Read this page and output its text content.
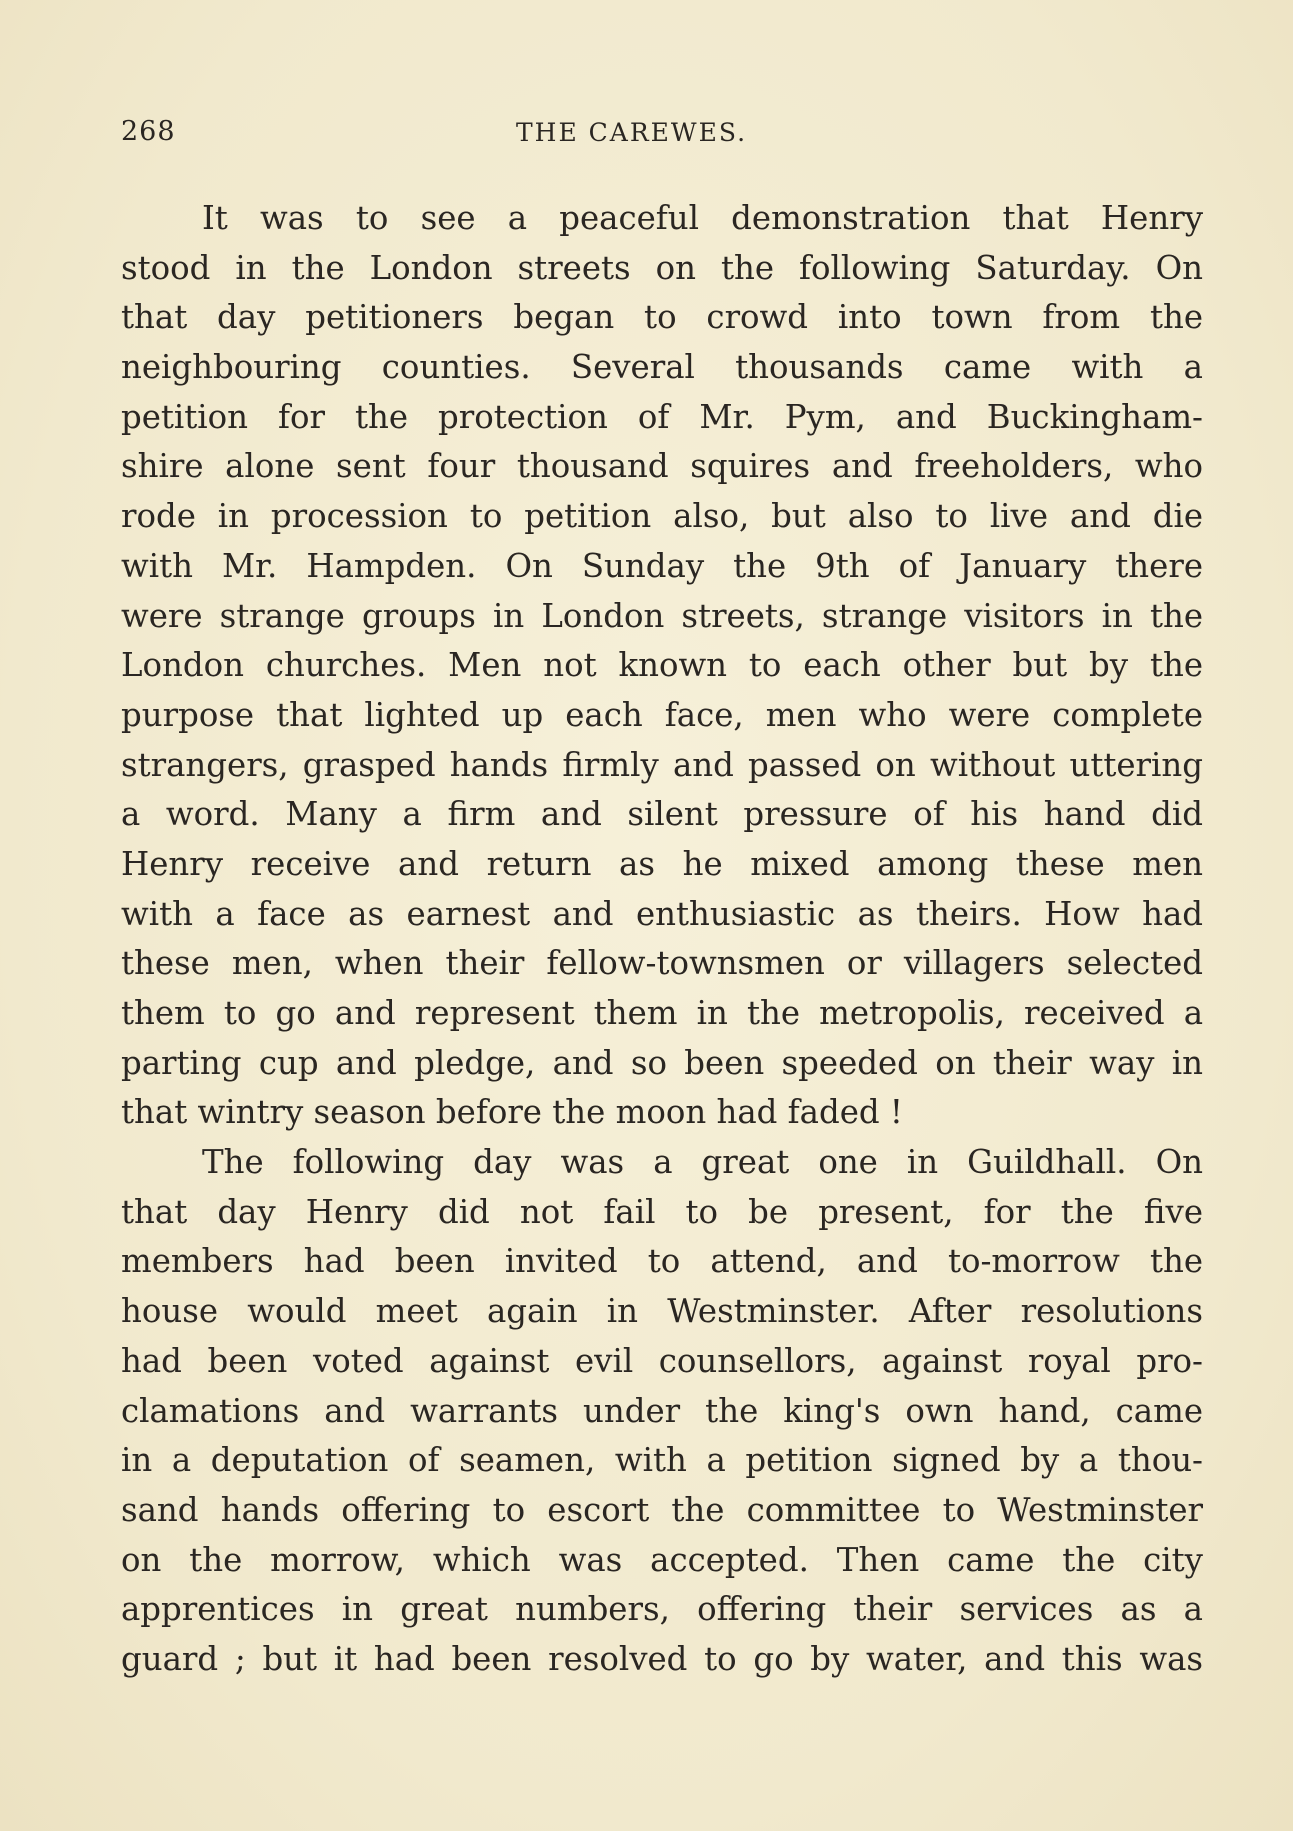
268	THE CAREWES.
It was to see a peaceful demonstration that Henry
stood in the London streets on the following Saturday. On
that day petitioners began to crowd into town from the
neighbouring counties. Several thousands came with a
petition for the protection of Mr. Pym, and Buckingham-
shire alone sent four thousand squires and freeholders, who
rode in procession to petition also, but also to live and die
with Mr. Hampden. On Sunday the 9th of January there
were strange groups in London streets, strange visitors in the
London churches. Men not known to each other but by the
purpose that lighted up each face, men who were complete
strangers, grasped hands firmly and passed on without uttering
a word. Many a firm and silent pressure of his hand did
Henry receive and return as he mixed among these men
with a face as earnest and enthusiastic as theirs. How had
these men, when their fellow-townsmen or villagers selected
them to go and represent them in the metropolis, received a
parting cup and pledge, and so been speeded on their way in
that wintry season before the moon had faded !
The following day was a great one in Guildhall. On
that day Henry did not fail to be present, for the five
members had been invited to attend, and to-morrow the
house would meet again in Westminster. After resolutions
had been voted against evil counsellors, against royal pro-
clamations and warrants under the king's own hand, came
in a deputation of seamen, with a petition signed by a thou-
sand hands offering to escort the committee to Westminster
on the morrow, which was accepted. Then came the city
apprentices in great numbers, offering their services as a
guard ; but it had been resolved to go by water, and this was
